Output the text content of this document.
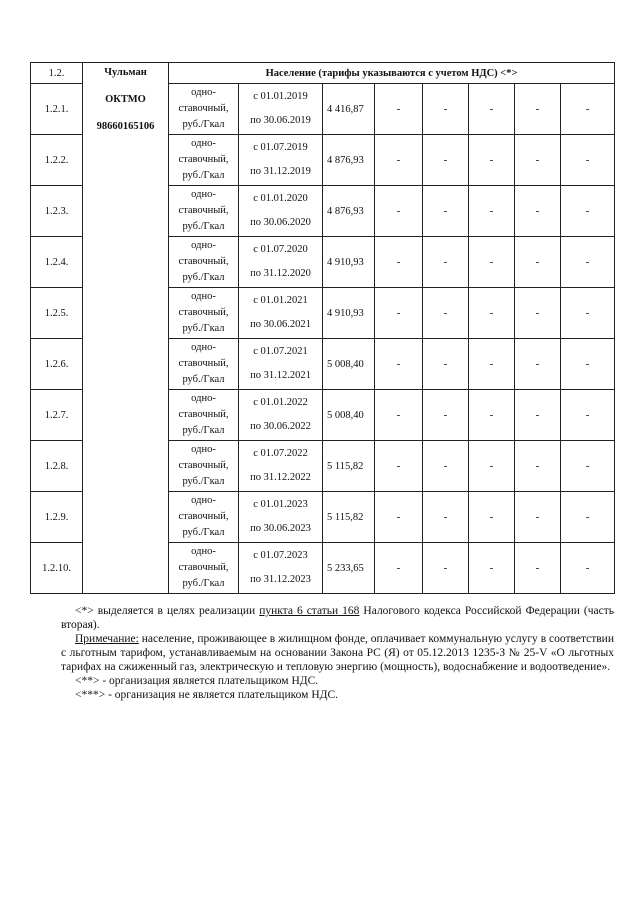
1.2.	Чульман
ОКТМО
98660165106	Население (тарифы указываются с учетом НДС) <*>							
1.2.1.		одно-
ставочный,
руб./Гкал	с 01.01.2019
по 30.06.2019	4 416,87	-	-	-	-	-
1.2.2.		одно-
ставочный,
руб./Гкал	с 01.07.2019
по 31.12.2019	4 876,93	-	-	-	-	-
1.2.3.		одно-
ставочный,
руб./Гкал	с 01.01.2020
по 30.06.2020	4 876,93	-	-	-	-	-
1.2.4.		одно-
ставочный,
руб./Гкал	с 01.07.2020
по 31.12.2020	4 910,93	-	-	-	-	-
1.2.5.		одно-
ставочный,
руб./Гкал	с 01.01.2021
по 30.06.2021	4 910,93	-	-	-	-	-
1.2.6.		одно-
ставочный,
руб./Гкал	с 01.07.2021
по 31.12.2021	5 008,40	-	-	-	-	-
1.2.7.		одно-
ставочный,
руб./Гкал	с 01.01.2022
по 30.06.2022	5 008,40	-	-	-	-	-
1.2.8.		одно-
ставочный,
руб./Гкал	с 01.07.2022
по 31.12.2022	5 115,82	-	-	-	-	-
1.2.9.		одно-
ставочный,
руб./Гкал	с 01.01.2023
по 30.06.2023	5 115,82	-	-	-	-	-
1.2.10.		одно-
ставочный,
руб./Гкал	с 01.07.2023
по 31.12.2023	5 233,65	-	-	-	-	-

<*> выделяется в целях реализации пункта 6 статьи 168 Налогового кодекса Российской Федерации (часть вторая).

Примечание: население, проживающее в жилищном фонде, оплачивает коммунальную услугу в соответствии с льготным тарифом, устанавливаемым на основании Закона РС (Я) от 05.12.2013 1235-З № 25-V «О льготных тарифах на сжиженный газ, электрическую и тепловую энергию (мощность), водоснабжение и водоотведение».

<**> - организация является плательщиком НДС.

<***> - организация не является плательщиком НДС.
